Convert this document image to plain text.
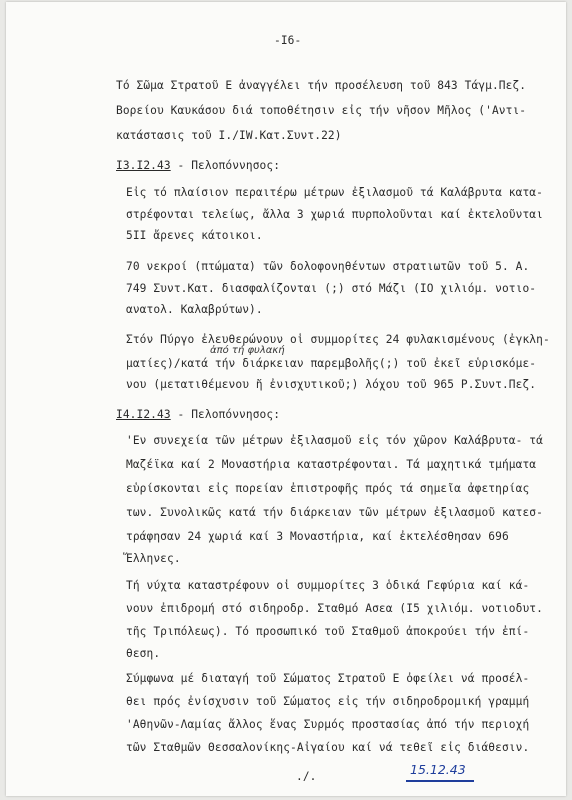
-I6-
Τό Σῶμα Στρατοῦ Ε ἀναγγέλει τήν προσέλευση τοῦ 843 Τάγμ.Πεζ.
Βορείου Καυκάσου διά τοποθέτησιν εἰς τήν νῆσον Μῆλος ('Αντι-
κατάστασις τοῦ I./IW.Κατ.Συντ.22)
I3.I2.43 - Πελοπόννησος:
Εἰς τό πλαίσιον περαιτέρω μέτρων ἐξιλασμοῦ τά Καλάβρυτα κατα-
στρέφονται τελείως, ἄλλα 3 χωριά πυρπολοῦνται καί ἐκτελοῦνται
5II ἄρενες κάτοικοι.
70 νεκροί (πτώματα) τῶν δολοφονηθέντων στρατιωτῶν τοῦ 5. Α.
749 Συντ.Κατ. διασφαλίζονται (;) στό Μάζι (IO χιλιόμ. νοτιο-
ανατολ. Καλαβρύτων).
Στόν Πύργο ἐλευθερώνουν οἱ συμμορίτες 24 φυλακισμένους (ἐγκλη-
ἀπό τή φυλακή
ματίες)/κατά τήν διάρκειαν παρεμβολῆς(;) τοῦ ἐκεῖ εὑρισκόμε-
νου (μετατιθέμενου ἤ ἐνισχυτικοῦ;) λόχου τοῦ 965 Ρ.Συντ.Πεζ.
I4.I2.43 - Πελοπόννησος:
'Εν συνεχεία τῶν μέτρων ἐξιλασμοῦ εἰς τόν χῶρον Καλάβρυτα- τά
Μαζέϊκα καί 2 Μοναστήρια καταστρέφονται. Τά μαχητικά τμήματα
εὑρίσκονται εἰς πορείαν ἐπιστροφῆς πρός τά σημεῖα ἀφετηρίας
των. Συνολικῶς κατά τήν διάρκειαν τῶν μέτρων ἐξιλασμοῦ κατεσ-
τράφησαν 24 χωριά καί 3 Μοναστήρια, καί ἐκτελέσθησαν 696
Ἕλληνες.
Τή νύχτα καταστρέφουν οἱ συμμορίτες 3 ὁδικά Γεφύρια καί κά-
νουν ἐπιδρομή στό σιδηροδρ. Σταθμό Ασεα (I5 χιλιόμ. νοτιοδυτ.
τῆς Τριπόλεως). Τό προσωπικό τοῦ Σταθμοῦ ἀποκρούει τήν ἐπί-
θεση.
Σύμφωνα μέ διαταγή τοῦ Σώματος Στρατοῦ Ε ὀφείλει νά προσέλ-
θει πρός ἐνίσχυσιν τοῦ Σώματος εἰς τήν σιδηροδρομική γραμμή
'Αθηνῶν-Λαμίας ἄλλος ἕνας Συρμός προστασίας ἀπό τήν περιοχή
τῶν Σταθμῶν Θεσσαλονίκης-Αἰγαίου καί νά τεθεῖ εἰς διάθεσιν.
./.	15.12.43
